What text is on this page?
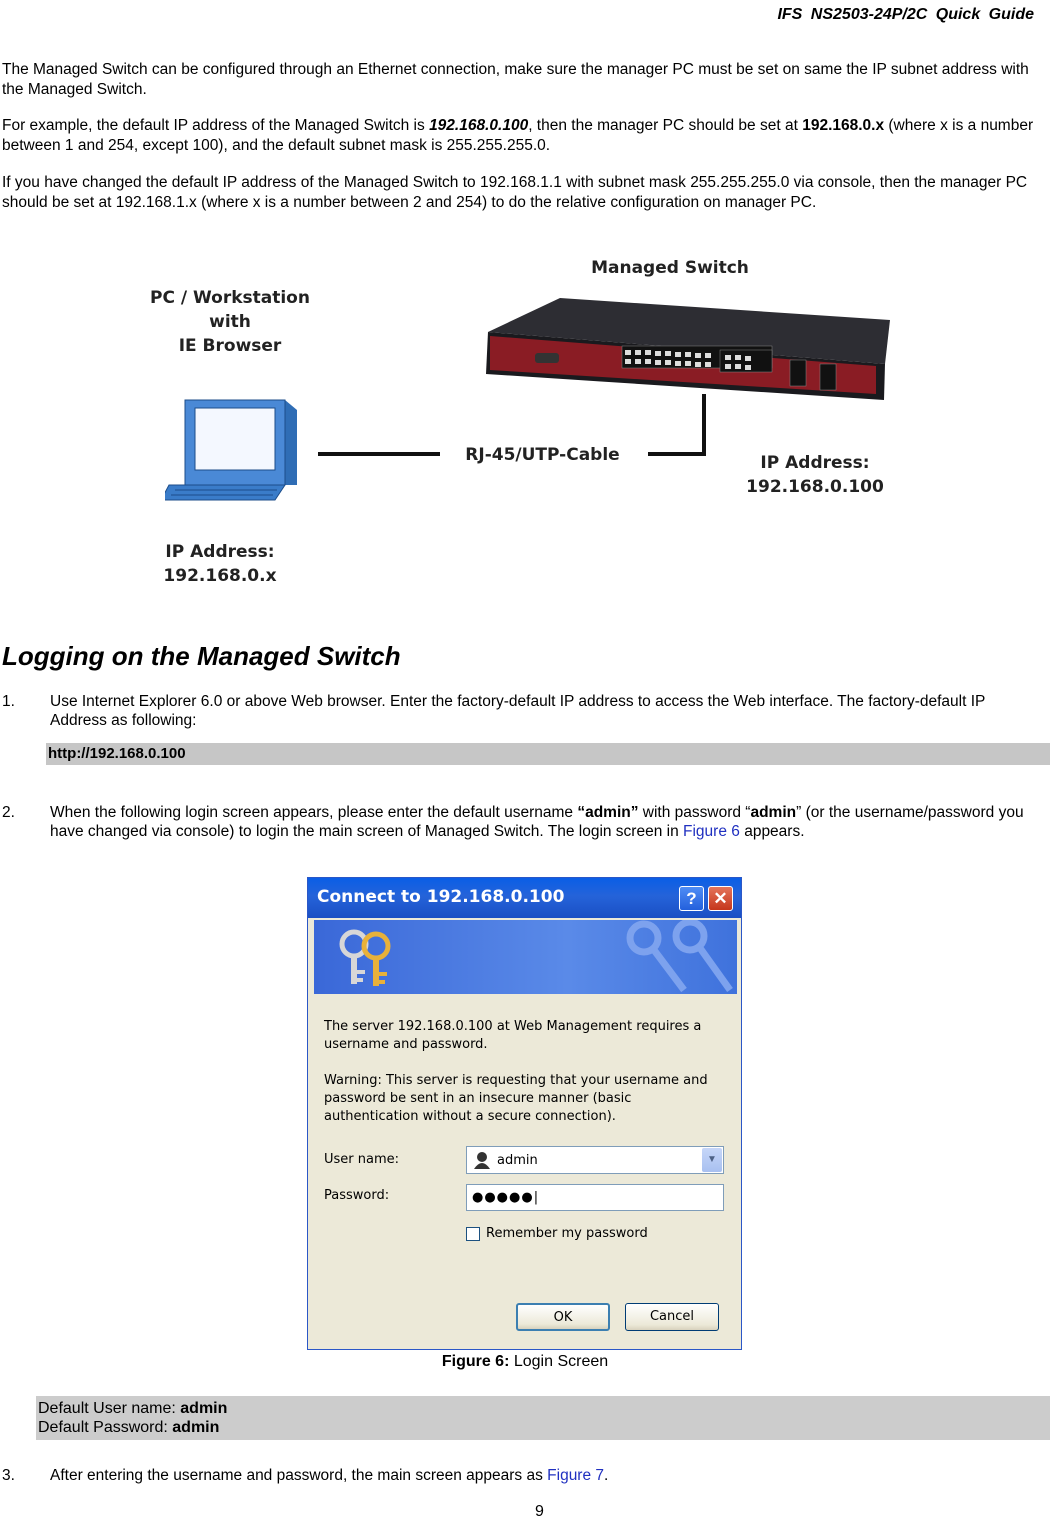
IFS NS2503-24P/2C Quick Guide

The Managed Switch can be configured through an Ethernet connection, make sure the manager PC must be set on same the IP subnet address with the Managed Switch.

For example, the default IP address of the Managed Switch is 192.168.0.100, then the manager PC should be set at 192.168.0.x (where x is a number between 1 and 254, except 100), and the default subnet mask is 255.255.255.0.

If you have changed the default IP address of the Managed Switch to 192.168.1.1 with subnet mask 255.255.255.0 via console, then the manager PC should be set at 192.168.1.x (where x is a number between 2 and 254) to do the relative configuration on manager PC.

Managed Switch
PC / Workstation
with
IE Browser
RJ-45/UTP-Cable	IP Address:
192.168.0.100
IP Address:
192.168.0.x
Logging on the Managed Switch
1. Use Internet Explorer 6.0 or above Web browser. Enter the factory-default IP address to access the Web interface. The factory-default IP Address as following:
http://192.168.0.100
2. When the following login screen appears, please enter the default username “admin” with password “admin” (or the username/password you have changed via console) to login the main screen of Managed Switch. The login screen in Figure 6 appears.
Connect to 192.168.0.100	? ✕
The server 192.168.0.100 at Web Management requires a username and password.
Warning: This server is requesting that your username and password be sent in an insecure manner (basic authentication without a secure connection).
User name:	admin	▼
Password:	●●●●●|
Remember my password
OK	Cancel
Figure 6: Login Screen
Default User name: admin
Default Password: admin
3. After entering the username and password, the main screen appears as Figure 7.
9
